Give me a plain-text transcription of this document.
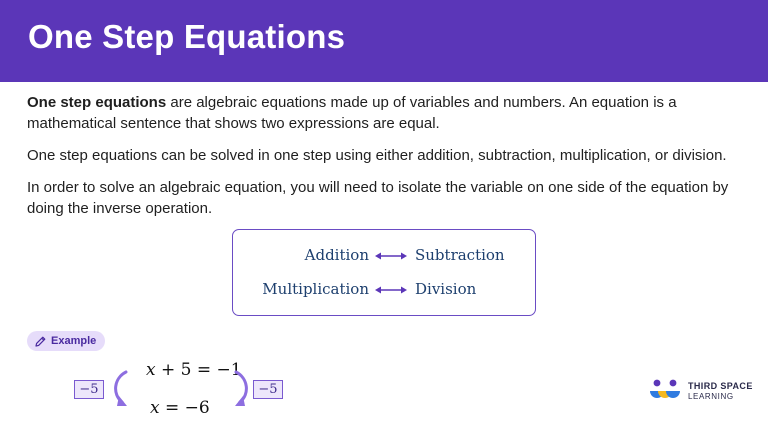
One Step Equations
One step equations are algebraic equations made up of variables and numbers. An equation is a mathematical sentence that shows two expressions are equal.
One step equations can be solved in one step using either addition, subtraction, multiplication, or division.
In order to solve an algebraic equation, you will need to isolate the variable on one side of the equation by doing the inverse operation.
Addition	Subtraction
Multiplication	Division
Example
x + 5 = −1
x = −6
−5	−5	THIRD SPACE
LEARNING
